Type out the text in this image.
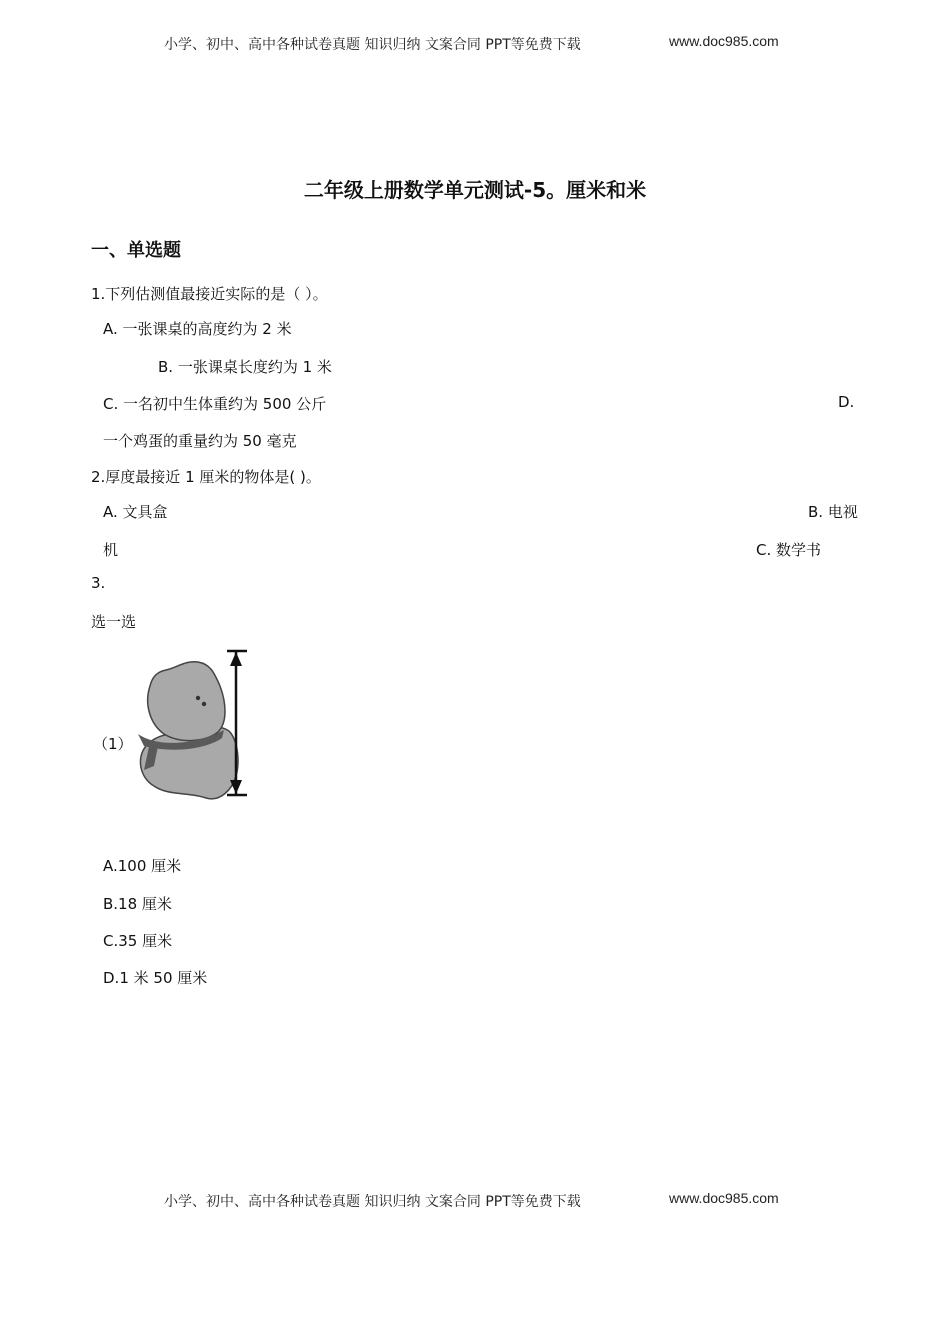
小学、初中、高中各种试卷真题 知识归纳 文案合同 PPT等免费下载	www.doc985.com
二年级上册数学单元测试-5。厘米和米
一、单选题
1.下列估测值最接近实际的是（ ）。
A. 一张课桌的高度约为 2 米
B. 一张课桌长度约为 1 米
C. 一名初中生体重约为 500 公斤	D.
一个鸡蛋的重量约为 50 毫克
2.厚度最接近 1 厘米的物体是( )。
A. 文具盒	B. 电视
机	C. 数学书
3.
选一选
（1）
A.100 厘米
B.18 厘米
C.35 厘米
D.1 米 50 厘米
小学、初中、高中各种试卷真题 知识归纳 文案合同 PPT等免费下载	www.doc985.com
